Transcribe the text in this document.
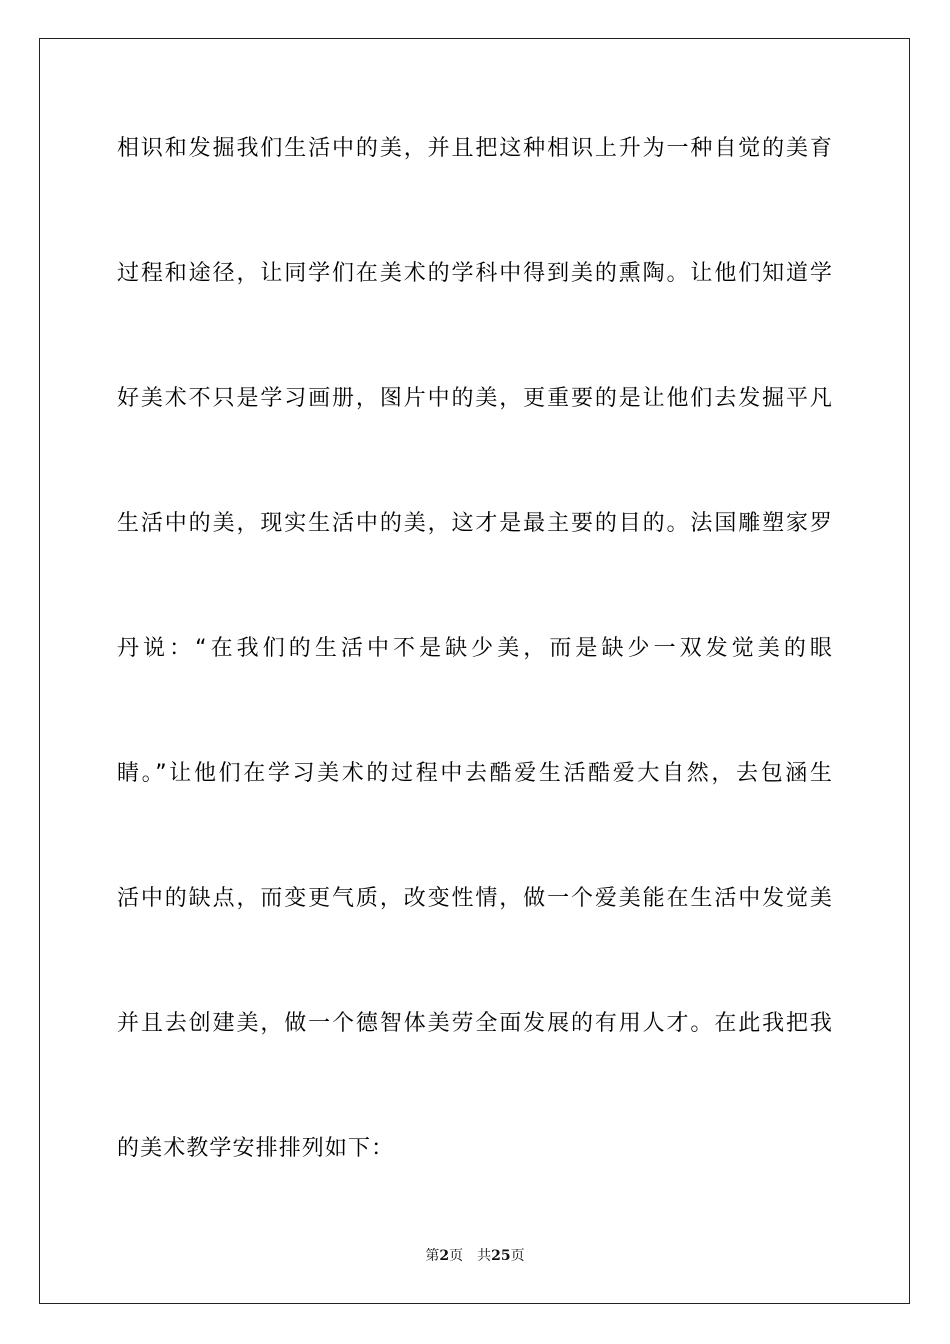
相识和发掘我们生活中的美，并且把这种相识上升为一种自觉的美育
过程和途径，让同学们在美术的学科中得到美的熏陶。让他们知道学
好美术不只是学习画册，图片中的美，更重要的是让他们去发掘平凡
生活中的美，现实生活中的美，这才是最主要的目的。法国雕塑家罗
丹说：“在我们的生活中不是缺少美，而是缺少一双发觉美的眼
睛。”让他们在学习美术的过程中去酷爱生活酷爱大自然，去包涵生
活中的缺点，而变更气质，改变性情，做一个爱美能在生活中发觉美
并且去创建美，做一个德智体美劳全面发展的有用人才。在此我把我
的美术教学安排排列如下：
第2页 共25页
